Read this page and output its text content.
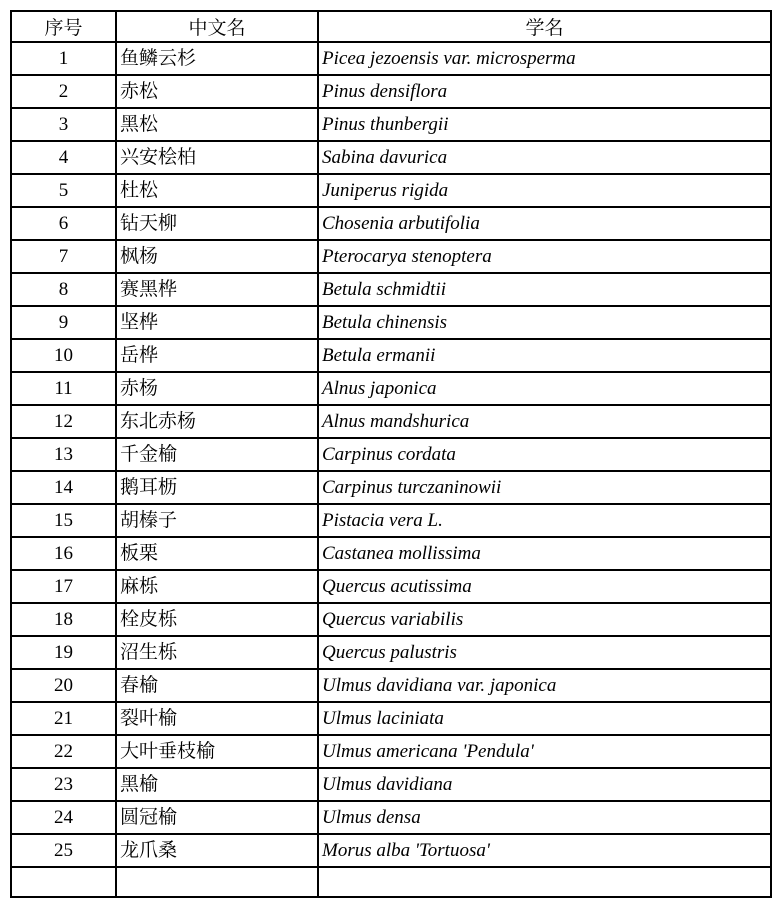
序号	中文名	学名
1	鱼鳞云杉	Picea jezoensis var. microsperma
2	赤松	Pinus densiflora
3	黑松	Pinus thunbergii
4	兴安桧柏	Sabina davurica
5	杜松	Juniperus rigida
6	钻天柳	Chosenia arbutifolia
7	枫杨	Pterocarya stenoptera
8	赛黑桦	Betula schmidtii
9	坚桦	Betula chinensis
10	岳桦	Betula ermanii
11	赤杨	Alnus japonica
12	东北赤杨	Alnus mandshurica
13	千金榆	Carpinus cordata
14	鹅耳枥	Carpinus turczaninowii
15	胡榛子	Pistacia vera L.
16	板栗	Castanea mollissima
17	麻栎	Quercus acutissima
18	栓皮栎	Quercus variabilis
19	沼生栎	Quercus palustris
20	春榆	Ulmus davidiana var. japonica
21	裂叶榆	Ulmus laciniata
22	大叶垂枝榆	Ulmus americana 'Pendula'
23	黑榆	Ulmus davidiana
24	圆冠榆	Ulmus densa
25	龙爪桑	Morus alba 'Tortuosa'
